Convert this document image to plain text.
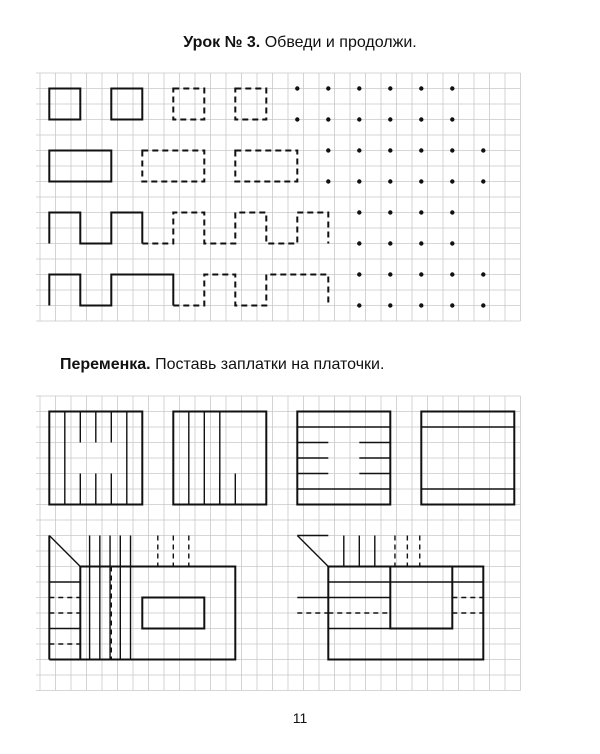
Урок № 3. Обведи и продолжи.
Переменка. Поставь заплатки на платочки.
11
